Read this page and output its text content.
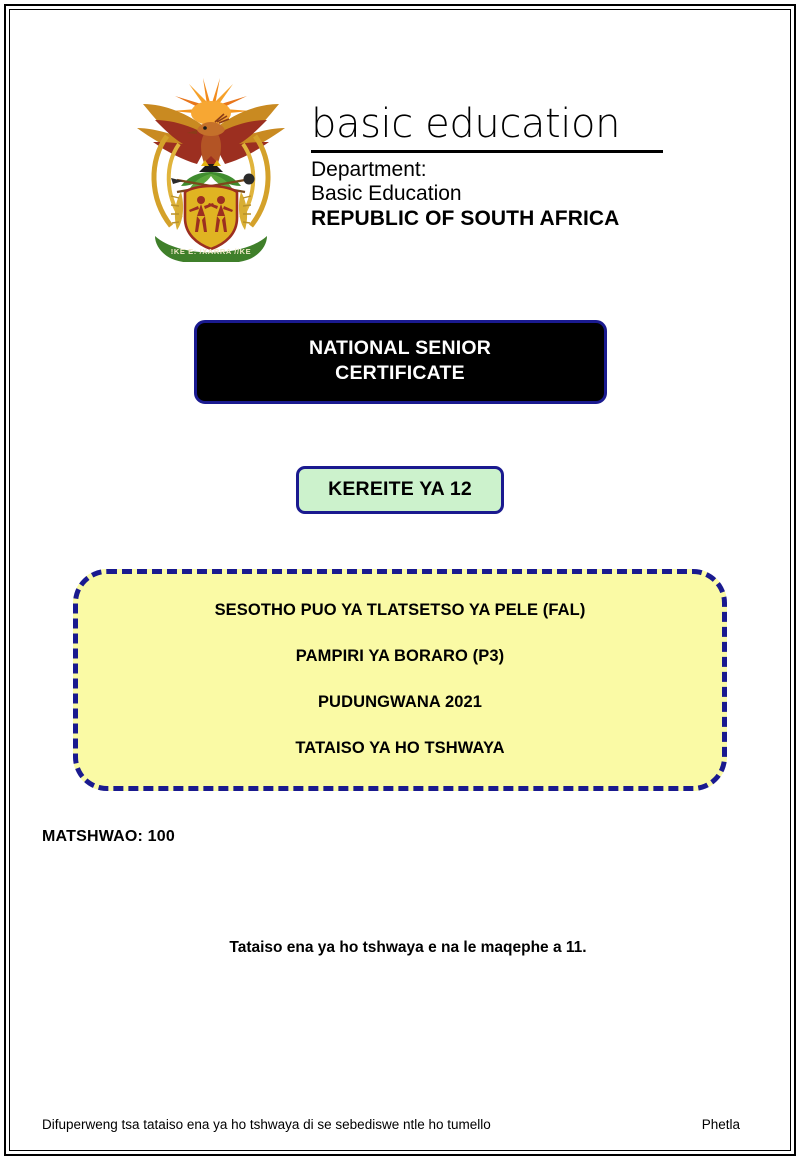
!KE E: /XARRA //KE
basic education
Department:
Basic Education
REPUBLIC OF SOUTH AFRICA
NATIONAL SENIOR
CERTIFICATE
KEREITE YA 12

SESOTHO PUO YA TLATSETSO YA PELE (FAL)

PAMPIRI YA BORARO (P3)

PUDUNGWANA 2021

TATAISO YA HO TSHWAYA

MATSHWAO: 100
Tataiso ena ya ho tshwaya e na le maqephe a 11.
Difuperweng tsa tataiso ena ya ho tshwaya di se sebediswe ntle ho tumello	Phetla
